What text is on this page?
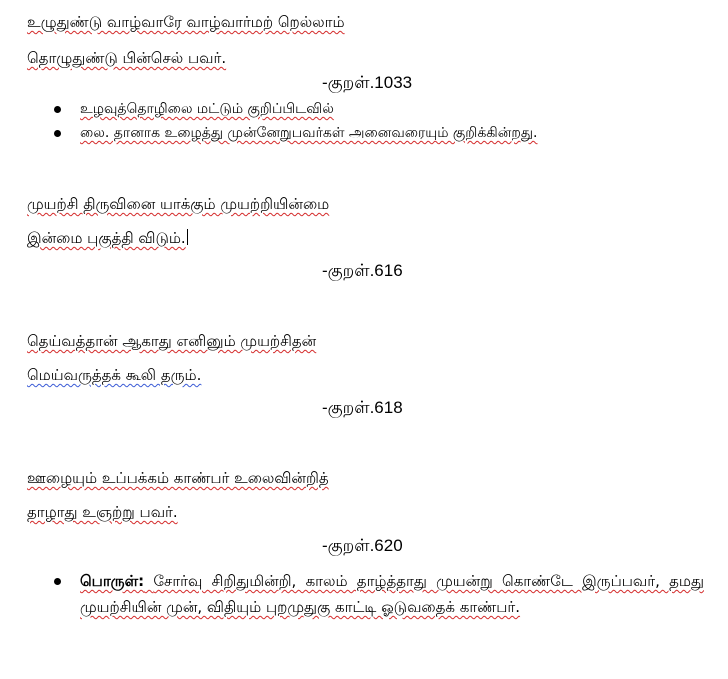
உழுதுண்டு வாழ்வாரே வாழ்வார்மற் றெல்லாம்
தொழுதுண்டு பின்செல் பவர்.
-குறள்.1033
உழவுத்தொழிலை மட்டும் குறிப்பிடவில்
லை. தானாக உழைத்து முன்னேறுபவர்கள் அனைவரையும் குறிக்கின்றது.
முயற்சி திருவினை யாக்கும் முயற்றியின்மை
இன்மை புகுத்தி விடும்.
-குறள்.616
தெய்வத்தான் ஆகாது எனினும் முயற்சிதன்
மெய்வருத்தக் கூலி தரும்.
-குறள்.618
ஊழையும் உப்பக்கம் காண்பர் உலைவின்றித்
தாழாது உஞற்று பவர்.
-குறள்.620
பொருள்: சோர்வு சிறிதுமின்றி, காலம் தாழ்த்தாது முயன்று கொண்டே இருப்பவர், தமது முயற்சியின் முன், விதியும் புறமுதுகு காட்டி ஓடுவதைக் காண்பர்.
